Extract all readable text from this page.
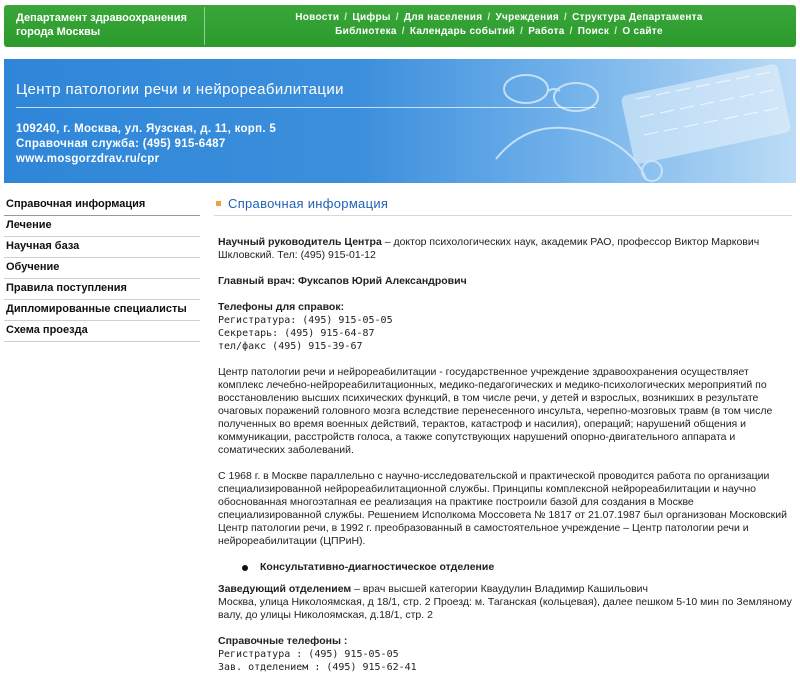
Департамент здравоохранения города Москвы
Новости / Цифры / Для населения / Учреждения / Структура Департамента
Библиотека / Календарь событий / Работа / Поиск / О сайте
Центр патологии речи и нейрореабилитации
109240, г. Москва, ул. Яузская, д. 11, корп. 5
Справочная служба: (495) 915-6487
www.mosgorzdrav.ru/cpr
Справочная информация
Лечение
Научная база
Обучение
Правила поступления
Дипломированные специалисты
Схема проезда
Справочная информация

Научный руководитель Центра – доктор психологических наук, академик РАО, профессор Виктор Маркович Шкловский. Тел: (495) 915-01-12

Главный врач: Фуксапов Юрий Александрович

Телефоны для справок:
Регистратура: (495) 915-05-05
Секретарь: (495) 915-64-87
тел/факс (495) 915-39-67

Центр патологии речи и нейрореабилитации - государственное учреждение здравоохранения осуществляет комплекс лечебно-нейрореабилитационных, медико-педагогических и медико-психологических мероприятий по восстановлению высших психических функций, в том числе речи, у детей и взрослых, возникших в результате очаговых поражений головного мозга вследствие перенесенного инсульта, черепно-мозговых травм (в том числе полученных во время военных действий, терактов, катастроф и насилия), операций; нарушений общения и коммуникации, расстройств голоса, а также сопутствующих нарушений опорно-двигательного аппарата и соматических заболеваний.

С 1968 г. в Москве параллельно с научно-исследовательской и практической проводится работа по организации специализированной нейрореабилитационной службы. Принципы комплексной нейрореабилитации и научно обоснованная многоэтапная ее реализация на практике построили базой для создания в Москве специализированной службы. Решением Исполкома Моссовета № 1817 от 21.07.1987 был организован Московский Центр патологии речи, в 1992 г. преобразованный в самостоятельное учреждение – Центр патологии речи и нейрореабилитации (ЦПРиН).

Консультативно-диагностическое отделение

Заведующий отделением – врач высшей категории Кваудулин Владимир Кашильович
Москва, улица Николоямская, д 18/1, стр. 2 Проезд: м. Таганская (кольцевая), далее пешком 5-10 мин по Земляному валу, до улицы Николоямская, д.18/1, стр. 2

Справочные телефоны :
Регистратура : (495) 915-05-05
Зав. отделением : (495) 915-62-41
